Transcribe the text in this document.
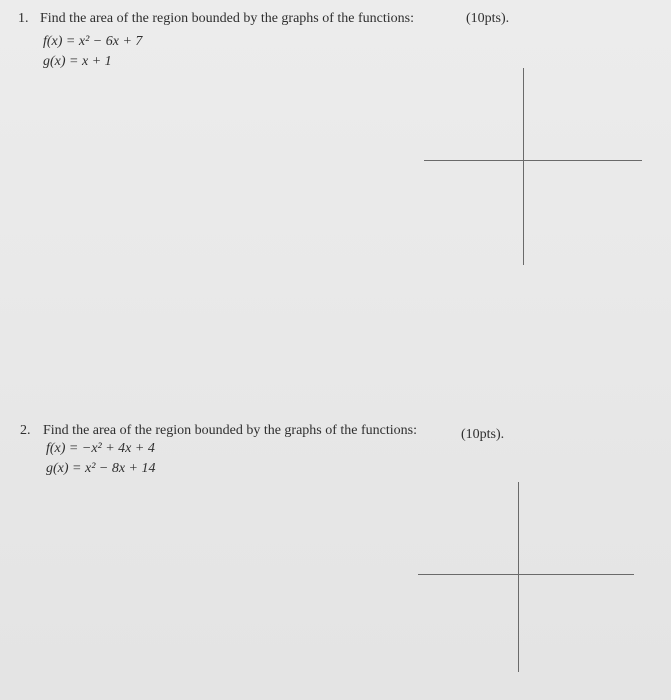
1. Find the area of the region bounded by the graphs of the functions:	(10pts).
f(x) = x² − 6x + 7
g(x) = x + 1
2. Find the area of the region bounded by the graphs of the functions:	(10pts).
f(x) = −x² + 4x + 4
g(x) = x² − 8x + 14
